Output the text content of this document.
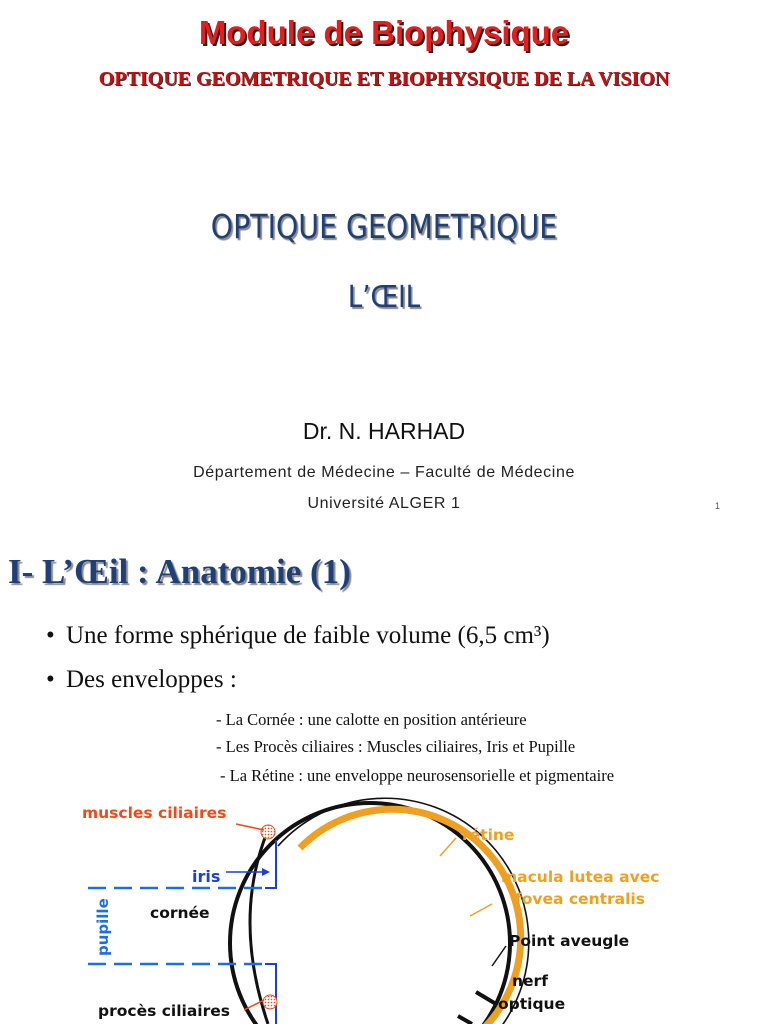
Module de Biophysique
OPTIQUE GEOMETRIQUE ET BIOPHYSIQUE DE LA VISION
OPTIQUE GEOMETRIQUE
L’ŒIL
Dr. N. HARHAD
Département de Médecine – Faculté de Médecine
Université ALGER 1	1
I- L’Œil : Anatomie (1)
• Une forme sphérique de faible volume (6,5 cm³)
• Des enveloppes :
- La Cornée : une calotte en position antérieure
- Les Procès ciliaires : Muscles ciliaires, Iris et Pupille
- La Rétine : une enveloppe neurosensorielle et pigmentaire
muscles ciliaires
iris
cornée
pupille
procès ciliaires
rétine
macula lutea avec
fovea centralis
Point aveugle
nerf
optique
